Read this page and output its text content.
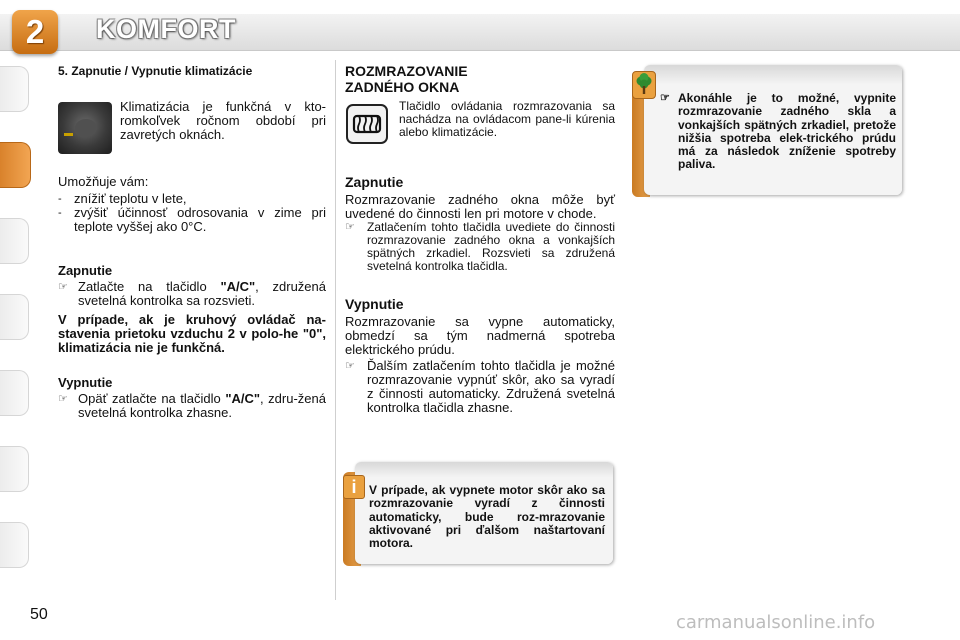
2	KOMFORT

5. Zapnutie / Vypnutie klimatizácie

Klimatizácia je funkčná v kto-romkoľvek ročnom období pri zavretých oknách.

Umožňuje vám:

- znížiť teplotu v lete,
- zvýšiť účinnosť odrosovania v zime pri teplote vyššej ako 0°C.

Zapnutie

☞ Zatlačte na tlačidlo "A/C", združená svetelná kontrolka sa rozsvieti.

V prípade, ak je kruhový ovládač na-stavenia prietoku vzduchu 2 v polo-he "0", klimatizácia nie je funkčná.

Vypnutie

☞ Opäť zatlačte na tlačidlo "A/C", zdru-žená svetelná kontrolka zhasne.

ROZMRAZOVANIE

ZADNÉHO OKNA

Tlačidlo ovládania rozmrazovania sa nachádza na ovládacom pane-li kúrenia alebo klimatizácie.

Zapnutie

Rozmrazovanie zadného okna môže byť uvedené do činnosti len pri motore v chode.

☞ Zatlačením tohto tlačidla uvediete do činnosti rozmrazovanie zadného okna a vonkajších spätných zrkadiel. Rozsvieti sa združená svetelná kontrolka tlačidla.

Vypnutie

Rozmrazovanie sa vypne automaticky, obmedzí sa tým nadmerná spotreba elektrického prúdu.

☞ Ďalším zatlačením tohto tlačidla je možné rozmrazovanie vypnúť skôr, ako sa vyradí z činnosti automaticky. Združená svetelná kontrolka tlačidla zhasne.
i	V prípade, ak vypnete motor skôr ako sa rozmrazovanie vyradí z činnosti automaticky, bude roz-mrazovanie aktivované pri ďalšom naštartovaní motora.

☞ Akonáhle je to možné, vypnite rozmrazovanie zadného skla a vonkajších spätných zrkadiel, pretože nižšia spotreba elek-trického prúdu má za následok zníženie spotreby paliva.
50	carmanualsonline.info
